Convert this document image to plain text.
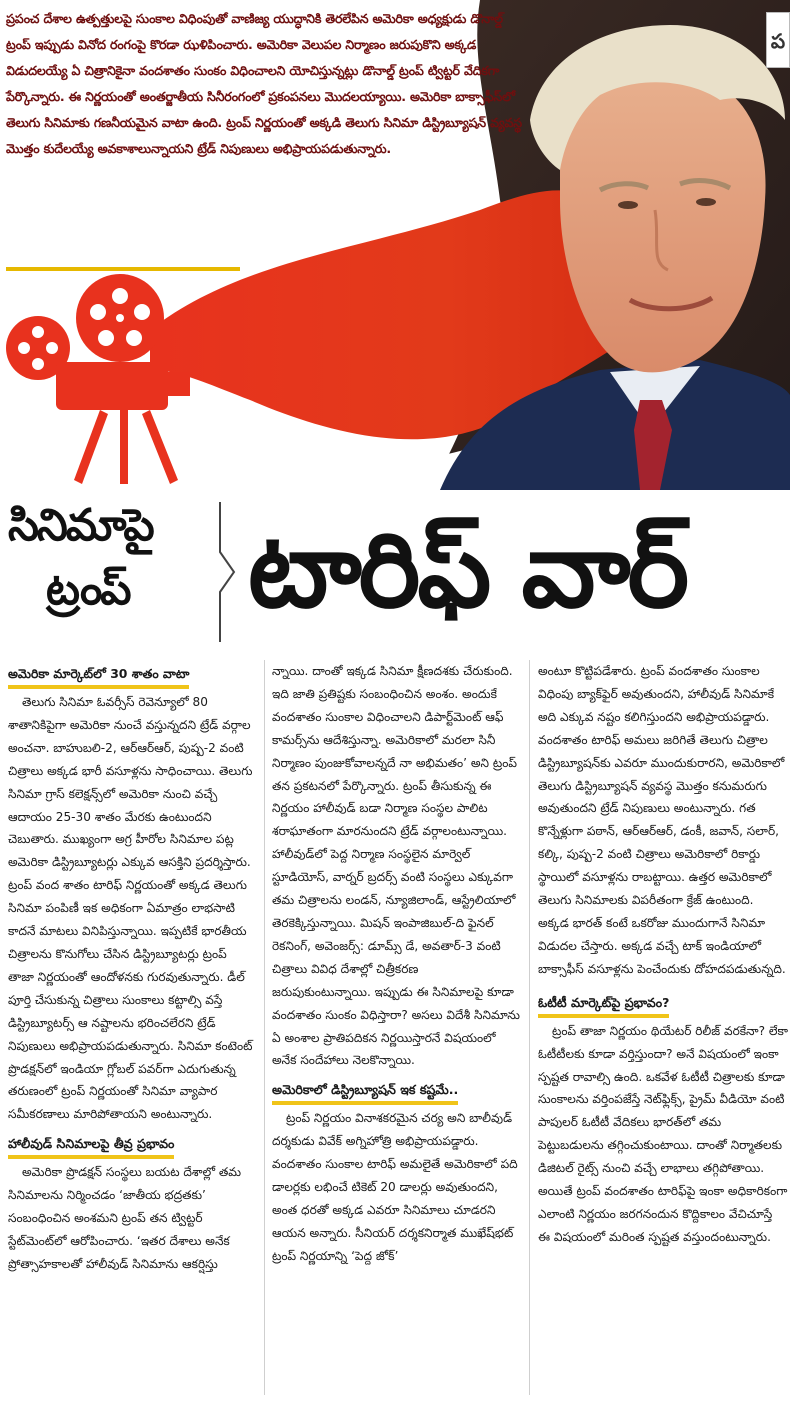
ప్రపంచ దేశాల ఉత్పత్తులపై సుంకాల విధింపుతో వాణిజ్య యుద్ధానికి తెరలేపిన అమెరికా అధ్యక్షుడు డొనాల్డ్ ట్రంప్ ఇప్పుడు వినోద రంగంపై కొరడా ఝళిపించారు. అమెరికా వెలుపల నిర్మాణం జరుపుకొని అక్కడ విడుదలయ్యే ఏ చిత్రానికైనా వందశాతం సుంకం విధించాలని యోచిస్తున్నట్లు డొనాల్డ్ ట్రంప్ ట్విట్టర్ వేదికగా పేర్కొన్నారు. ఈ నిర్ణయంతో అంతర్జాతీయ సినీరంగంలో ప్రకంపనలు మొదలయ్యాయి. అమెరికా బాక్సాఫీస్‌లో తెలుగు సినిమాకు గణనీయమైన వాటా ఉంది. ట్రంప్ నిర్ణయంతో అక్కడి తెలుగు సినిమా డిస్ట్రిబ్యూషన్ వ్యవస్థ మొత్తం కుదేలయ్యే అవకాశాలున్నాయని ట్రేడ్ నిపుణులు అభిప్రాయపడుతున్నారు.
ప
సినిమాపై
ట్రంప్	టారిఫ్ వార్
అమెరికా మార్కెట్‌లో 30 శాతం వాటా

తెలుగు సినిమా ఓవర్సీస్ రెవెన్యూలో 80 శాతానికిపైగా అమెరికా నుంచే వస్తున్నదని ట్రేడ్ వర్గాల అంచనా. బాహుబలి-2, ఆర్‌ఆర్‌ఆర్, పుష్ప-2 వంటి చిత్రాలు అక్కడ భారీ వసూళ్లను సాధించాయి. తెలుగు సినిమా గ్రాస్ కలెక్షన్స్‌లో అమెరికా నుంచి వచ్చే ఆదాయం 25-30 శాతం మేరకు ఉంటుందని చెబుతారు. ముఖ్యంగా అగ్ర హీరోల సినిమాల పట్ల అమెరికా డిస్ట్రిబ్యూటర్లు ఎక్కువ ఆసక్తిని ప్రదర్శిస్తారు. ట్రంప్ వంద శాతం టారిఫ్ నిర్ణయంతో అక్కడ తెలుగు సినిమా పంపిణీ ఇక అధికంగా ఏమాత్రం లాభసాటి కాదనే మాటలు వినిపిస్తున్నాయి. ఇప్పటికే భారతీయ చిత్రాలను కొనుగోలు చేసిన డిస్ట్రిబ్యూటర్లు ట్రంప్ తాజా నిర్ణయంతో ఆందోళనకు గురవుతున్నారు. డీల్ పూర్తి చేసుకున్న చిత్రాలు సుంకాలు కట్టాల్సి వస్తే డిస్ట్రిబ్యూటర్స్ ఆ నష్టాలను భరించలేరని ట్రేడ్ నిపుణులు అభిప్రాయపడుతున్నారు. సినిమా కంటెంట్ ప్రొడక్షన్‌లో ఇండియా గ్లోబల్ పవర్‌గా ఎదుగుతున్న తరుణంలో ట్రంప్ నిర్ణయంతో సినిమా వ్యాపార సమీకరణాలు మారిపోతాయని అంటున్నారు.

హాలీవుడ్ సినిమాలపై తీవ్ర ప్రభావం

అమెరికా ప్రొడక్షన్ సంస్థలు బయట దేశాల్లో తమ సినిమాలను నిర్మించడం ‘జాతీయ భద్రతకు’ సంబంధించిన అంశమని ట్రంప్ తన ట్విట్టర్ స్టేట్‌మెంట్‌లో ఆరోపించారు. ‘ఇతర దేశాలు అనేక ప్రోత్సాహకాలతో హాలీవుడ్ సినిమాను ఆకర్షిస్తు

న్నాయి. దాంతో ఇక్కడ సినిమా క్షీణదశకు చేరుకుంది. ఇది జాతి ప్రతిష్టకు సంబంధించిన అంశం. అందుకే వందశాతం సుంకాల విధించాలని డిపార్ట్‌మెంట్ ఆఫ్ కామర్స్‌ను ఆదేశిస్తున్నా. అమెరికాలో మరలా సినీ నిర్మాణం పుంజుకోవాలన్నదే నా అభిమతం’ అని ట్రంప్ తన ప్రకటనలో పేర్కొన్నారు. ట్రంప్ తీసుకున్న ఈ నిర్ణయం హాలీవుడ్ బడా నిర్మాణ సంస్థల పాలిట శరాఘాతంగా మారనుందని ట్రేడ్ వర్గాలంటున్నాయి. హాలీవుడ్‌లో పెద్ద నిర్మాణ సంస్థలైన మార్వెల్ స్టూడియోస్, వార్నర్ బ్రదర్స్ వంటి సంస్థలు ఎక్కువగా తమ చిత్రాలను లండన్, న్యూజిలాండ్, ఆస్ట్రేలియాలో తెరకెక్కిస్తున్నాయి. మిషన్ ఇంపాజిబుల్-ది ఫైనల్ రెకనింగ్, అవెంజర్స్: డూమ్స్ డే, అవతార్-3 వంటి చిత్రాలు వివిధ దేశాల్లో చిత్రీకరణ జరుపుకుంటున్నాయి. ఇప్పుడు ఈ సినిమాలపై కూడా వందశాతం సుంకం విధిస్తారా? అసలు విదేశీ సినిమాను ఏ అంశాల ప్రాతిపదికన నిర్ణయిస్తారనే విషయంలో అనేక సందేహాలు నెలకొన్నాయి.

అమెరికాలో డిస్ట్రిబ్యూషన్ ఇక కష్టమే..

ట్రంప్ నిర్ణయం వినాశకరమైన చర్య అని బాలీవుడ్ దర్శకుడు వివేక్ అగ్నిహోత్రి అభిప్రాయపడ్డారు. వందశాతం సుంకాల టారిఫ్ అమలైతే అమెరికాలో పది డాలర్లకు లభించే టికెట్ 20 డాలర్లు అవుతుందని, అంత ధరతో అక్కడ ఎవరూ సినిమాలు చూడరని ఆయన అన్నారు. సీనియర్ దర్శకనిర్మాత ముఖేష్‌భట్ ట్రంప్ నిర్ణయాన్ని ‘పెద్ద జోక్’

అంటూ కొట్టిపడేశారు. ట్రంప్ వందశాతం సుంకాల విధింపు బ్యాక్‌ఫైర్ అవుతుందని, హాలీవుడ్ సినిమాకే అది ఎక్కువ నష్టం కలిగిస్తుందని అభిప్రాయపడ్డారు. వందశాతం టారిఫ్ అమలు జరిగితే తెలుగు చిత్రాల డిస్ట్రిబ్యూషన్‌కు ఎవరూ ముందుకురారని, అమెరికాలో తెలుగు డిస్ట్రిబ్యూషన్ వ్యవస్థ మొత్తం కనుమరుగు అవుతుందని ట్రేడ్ నిపుణులు అంటున్నారు. గత కొన్నేళ్లుగా పఠాన్, ఆర్‌ఆర్‌ఆర్, డంకీ, జవాన్, సలార్, కల్కి, పుష్ప-2 వంటి చిత్రాలు అమెరికాలో రికార్డు స్థాయిలో వసూళ్లను రాబట్టాయి. ఉత్తర అమెరికాలో తెలుగు సినిమాలకు విపరీతంగా క్రేజ్ ఉంటుంది. అక్కడ భారత్ కంటే ఒకరోజు ముందుగానే సినిమా విడుదల చేస్తారు. అక్కడ వచ్చే టాక్ ఇండియాలో బాక్సాఫీస్ వసూళ్లను పెంచేందుకు దోహదపడుతున్నది.

ఓటీటీ మార్కెట్‌పై ప్రభావం?

ట్రంప్ తాజా నిర్ణయం థియేటర్ రిలీజ్ వరకేనా? లేకా ఓటీటీలకు కూడా వర్తిస్తుందా? అనే విషయంలో ఇంకా స్పష్టత రావాల్సి ఉంది. ఒకవేళ ఓటీటీ చిత్రాలకు కూడా సుంకాలను వర్తింపజేస్తే నెట్‌ఫ్లిక్స్, ప్రైమ్ వీడియో వంటి పాపులర్ ఓటీటీ వేదికలు భారత్‌లో తమ పెట్టుబడులను తగ్గించుకుంటాయి. దాంతో నిర్మాతలకు డిజిటల్ రైట్స్ నుంచి వచ్చే లాభాలు తగ్గిపోతాయి. అయితే ట్రంప్ వందశాతం టారిఫ్‌పై ఇంకా అధికారికంగా ఎలాంటి నిర్ణయం జరగనందున కొద్దికాలం వేచిచూస్తే ఈ విషయంలో మరింత స్పష్టత వస్తుందంటున్నారు.
